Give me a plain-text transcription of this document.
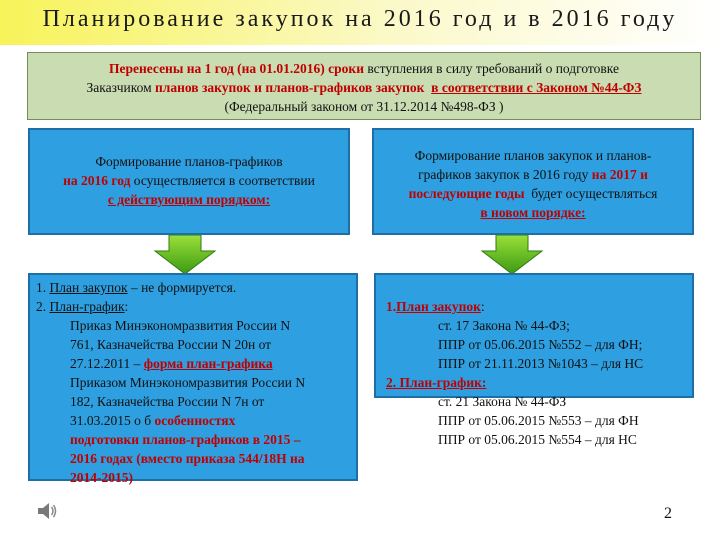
Планирование закупок на 2016 год и в 2016 году
Перенесены на 1 год (на 01.01.2016) сроки вступления в силу требований о подготовке
Заказчиком планов закупок и планов-графиков закупок в соответствии с Законом №44-ФЗ
(Федеральный законом от 31.12.2014 №498-ФЗ )
Формирование планов-графиков
на 2016 год осуществляется в соответствии
с действующим порядком:
Формирование планов закупок и планов-
графиков закупок в 2016 году на 2017 и
последующие годы  будет осуществляться
в новом порядке:
1. План закупок – не формируется.
2. План-график:
Приказ Минэкономразвития России N
761, Казначейства России N 20н от
27.12.2011 – форма план-графика
Приказом Минэкономразвития России N
182, Казначейства России N 7н от
31.03.2015 о б особенностях
подготовки планов-графиков в 2015 –
2016 годах (вместо приказа 544/18Н на
2014-2015)
1.План закупок:
ст. 17 Закона № 44-ФЗ;
ППР от 05.06.2015 №552 – для ФН;
ППР от 21.11.2013 №1043 – для НС
2. План-график:
ст. 21 Закона № 44-ФЗ
ППР от 05.06.2015 №553 – для ФН
ППР от 05.06.2015 №554 – для НС
2
